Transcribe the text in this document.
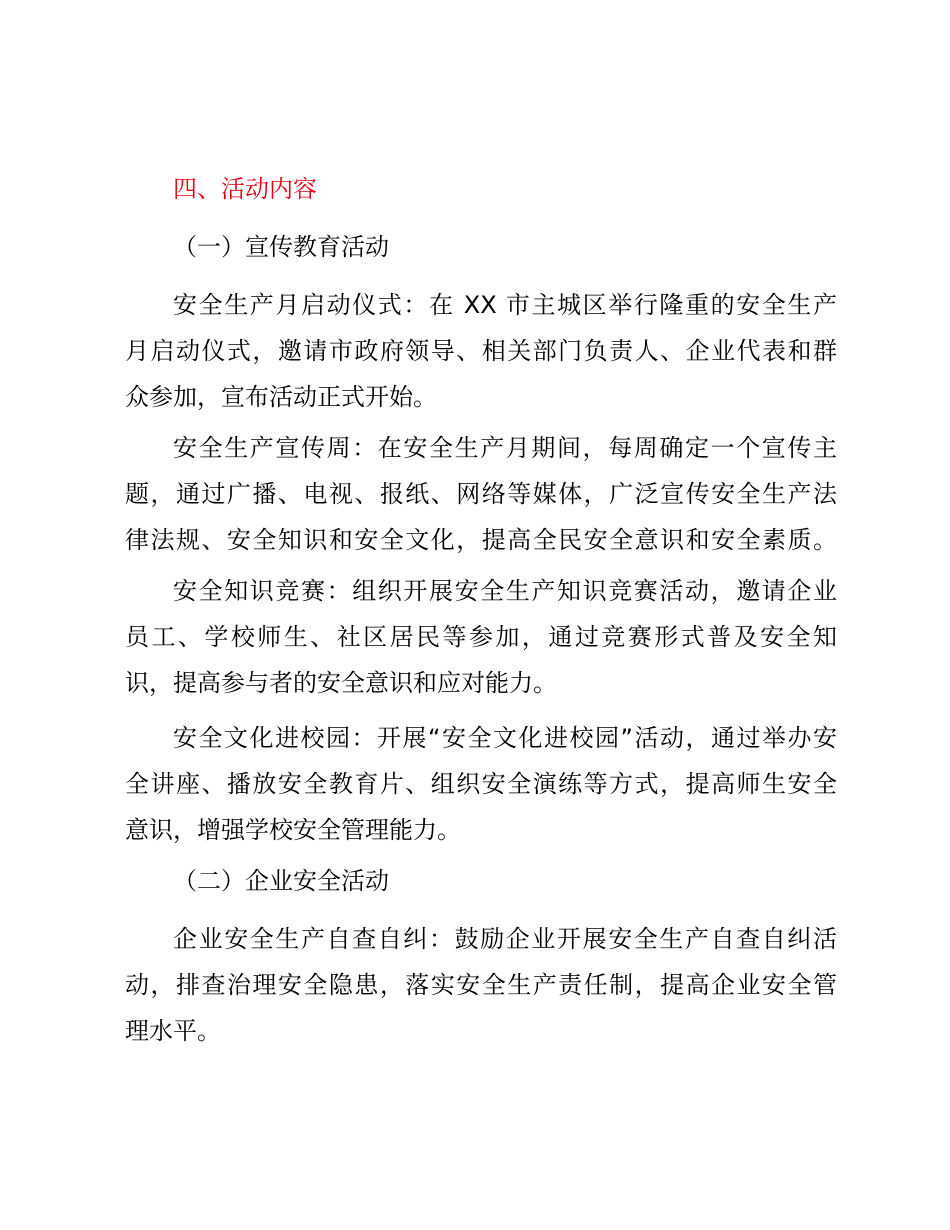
四、活动内容

（一）宣传教育活动

安全生产月启动仪式：在 XX 市主城区举行隆重的安全生产

月启动仪式，邀请市政府领导、相关部门负责人、企业代表和群

众参加，宣布活动正式开始。

安全生产宣传周：在安全生产月期间，每周确定一个宣传主

题，通过广播、电视、报纸、网络等媒体，广泛宣传安全生产法

律法规、安全知识和安全文化，提高全民安全意识和安全素质。

安全知识竞赛：组织开展安全生产知识竞赛活动，邀请企业

员工、学校师生、社区居民等参加，通过竞赛形式普及安全知

识，提高参与者的安全意识和应对能力。

安全文化进校园：开展“安全文化进校园”活动，通过举办安

全讲座、播放安全教育片、组织安全演练等方式，提高师生安全

意识，增强学校安全管理能力。

（二）企业安全活动

企业安全生产自查自纠：鼓励企业开展安全生产自查自纠活

动，排查治理安全隐患，落实安全生产责任制，提高企业安全管

理水平。
